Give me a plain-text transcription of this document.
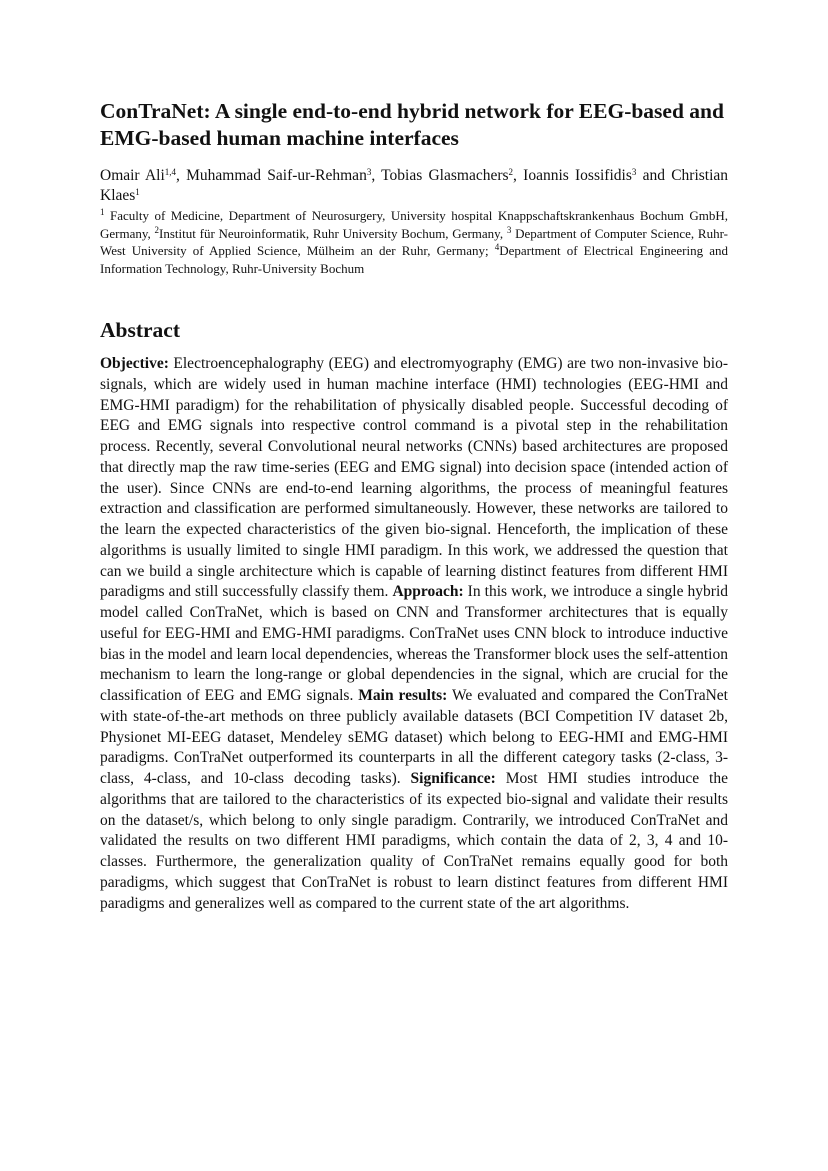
ConTraNet: A single end-to-end hybrid network for EEG-based and EMG-based human machine interfaces

Omair Ali$^{1,4}$, Muhammad Saif-ur-Rehman$^3$, Tobias Glasmachers$^2$, Ioannis Iossifidis$^3$ and Christian Klaes$^1$

$^1$ Faculty of Medicine, Department of Neurosurgery, University hospital Knappschaftskrankenhaus Bochum GmbH, Germany, $^2$Institut für Neuroinformatik, Ruhr University Bochum, Germany, $^3$ Department of Computer Science, Ruhr-West University of Applied Science, Mülheim an der Ruhr, Germany; $^4$Department of Electrical Engineering and Information Technology, Ruhr-University Bochum

Abstract

Objective: Electroencephalography (EEG) and electromyography (EMG) are two non-invasive bio-signals, which are widely used in human machine interface (HMI) technologies (EEG-HMI and EMG-HMI paradigm) for the rehabilitation of physically disabled people. Successful decoding of EEG and EMG signals into respective control command is a pivotal step in the rehabilitation process. Recently, several Convolutional neural networks (CNNs) based architectures are proposed that directly map the raw time-series (EEG and EMG signal) into decision space (intended action of the user). Since CNNs are end-to-end learning algorithms, the process of meaningful features extraction and classification are performed simultaneously. However, these networks are tailored to the learn the expected characteristics of the given bio-signal. Henceforth, the implication of these algorithms is usually limited to single HMI paradigm. In this work, we addressed the question that can we build a single architecture which is capable of learning distinct features from different HMI paradigms and still successfully classify them. Approach: In this work, we introduce a single hybrid model called ConTraNet, which is based on CNN and Transformer architectures that is equally useful for EEG-HMI and EMG-HMI paradigms. ConTraNet uses CNN block to introduce inductive bias in the model and learn local dependencies, whereas the Transformer block uses the self-attention mechanism to learn the long-range or global dependencies in the signal, which are crucial for the classification of EEG and EMG signals. Main results: We evaluated and compared the ConTraNet with state-of-the-art methods on three publicly available datasets (BCI Competition IV dataset 2b, Physionet MI-EEG dataset, Mendeley sEMG dataset) which belong to EEG-HMI and EMG-HMI paradigms. ConTraNet outperformed its counterparts in all the different category tasks (2-class, 3-class, 4-class, and 10-class decoding tasks). Significance: Most HMI studies introduce the algorithms that are tailored to the characteristics of its expected bio-signal and validate their results on the dataset/s, which belong to only single paradigm. Contrarily, we introduced ConTraNet and validated the results on two different HMI paradigms, which contain the data of 2, 3, 4 and 10-classes. Furthermore, the generalization quality of ConTraNet remains equally good for both paradigms, which suggest that ConTraNet is robust to learn distinct features from different HMI paradigms and generalizes well as compared to the current state of the art algorithms.
